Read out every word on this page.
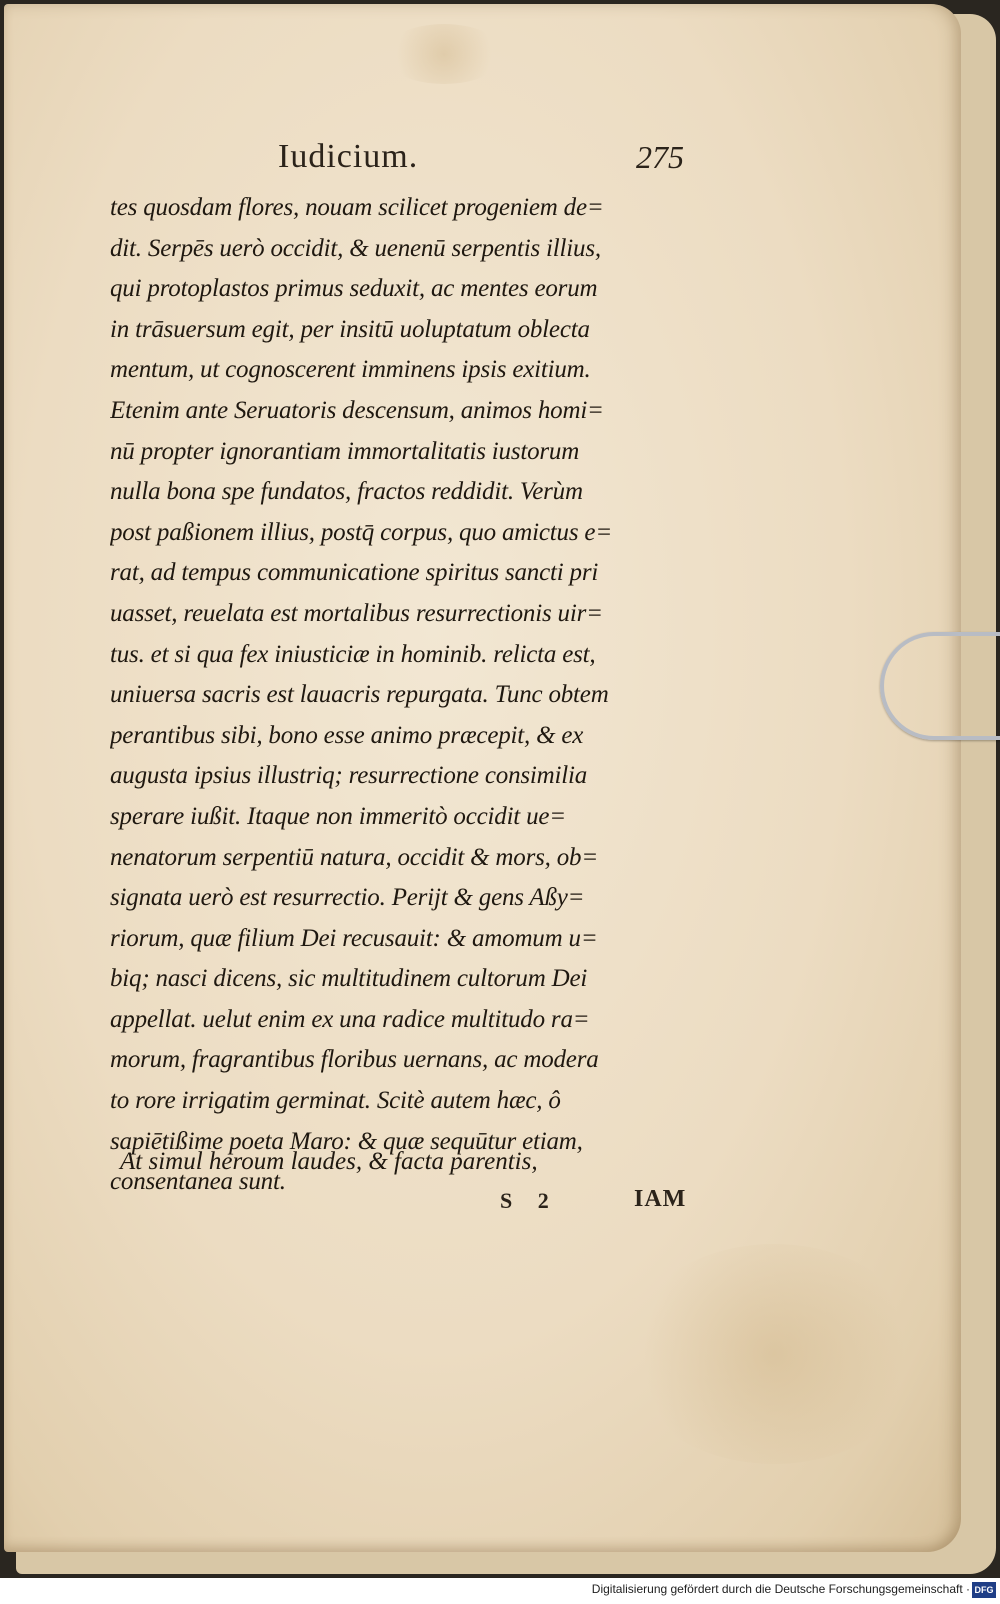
Iudicium.	275
tes quosdam flores, nouam scilicet progeniem de=
dit. Serpēs uerò occidit, & uenenū serpentis illius,
qui protoplastos primus seduxit, ac mentes eorum
in trāsuersum egit, per insitū uoluptatum oblecta
mentum, ut cognoscerent imminens ipsis exitium.
Etenim ante Seruatoris descensum, animos homi=
nū propter ignorantiam immortalitatis iustorum
nulla bona spe fundatos, fractos reddidit. Verùm
post paßionem illius, postq̄ corpus, quo amictus e=
rat, ad tempus communicatione spiritus sancti pri
uasset, reuelata est mortalibus resurrectionis uir=
tus. et si qua fex iniusticiæ in hominib. relicta est,
uniuersa sacris est lauacris repurgata. Tunc obtem
perantibus sibi, bono esse animo præcepit, & ex
augusta ipsius illustriq; resurrectione consimilia
sperare iußit. Itaque non immeritò occidit ue=
nenatorum serpentiū natura, occidit & mors, ob=
signata uerò est resurrectio. Perijt & gens Aßy=
riorum, quæ filium Dei recusauit: & amomum u=
biq; nasci dicens, sic multitudinem cultorum Dei
appellat. uelut enim ex una radice multitudo ra=
morum, fragrantibus floribus uernans, ac modera
to rore irrigatim germinat. Scitè autem hæc, ô
sapiētißime poeta Maro: & quæ sequūtur etiam,
consentanea sunt.
At simul heroum laudes, & facta parentis,
S 2	IAM
Digitalisierung gefördert durch die Deutsche Forschungsgemeinschaft · DFG
